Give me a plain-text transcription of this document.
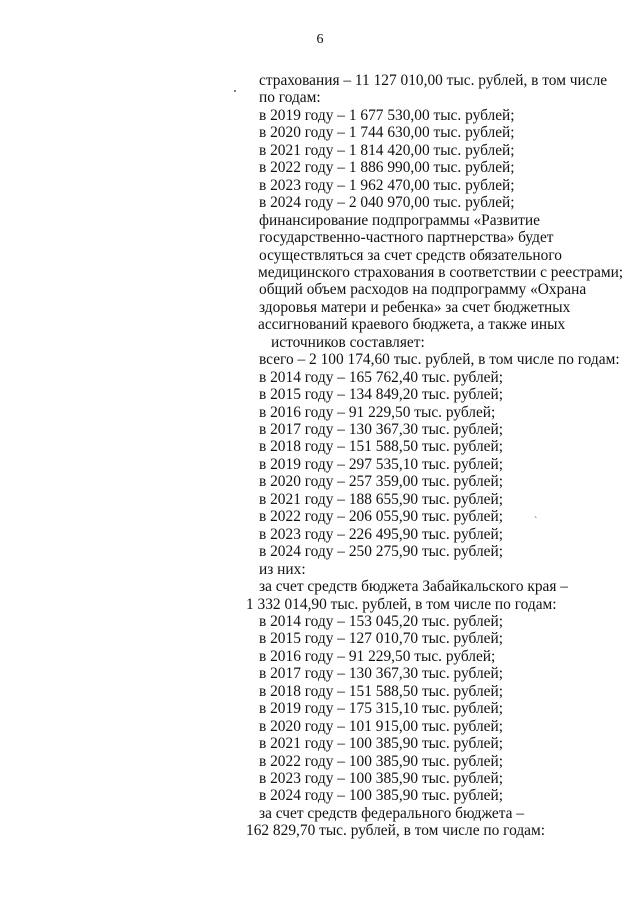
6
`
страхования – 11 127 010,00 тыс. рублей, в том числе
по годам:
в 2019 году – 1 677 530,00 тыс. рублей;
в 2020 году – 1 744 630,00 тыс. рублей;
в 2021 году – 1 814 420,00 тыс. рублей;
в 2022 году – 1 886 990,00 тыс. рублей;
в 2023 году – 1 962 470,00 тыс. рублей;
в 2024 году – 2 040 970,00 тыс. рублей;
финансирование подпрограммы «Развитие
государственно-частного партнерства» будет
осуществляться за счет средств обязательного
медицинского страхования в соответствии с реестрами;
общий объем расходов на подпрограмму «Охрана
здоровья матери и ребенка» за счет бюджетных
ассигнований краевого бюджета, а также иных
источников составляет:
всего – 2 100 174,60 тыс. рублей, в том числе по годам:
в 2014 году – 165 762,40 тыс. рублей;
в 2015 году – 134 849,20 тыс. рублей;
в 2016 году – 91 229,50 тыс. рублей;
в 2017 году – 130 367,30 тыс. рублей;
в 2018 году – 151 588,50 тыс. рублей;
в 2019 году – 297 535,10 тыс. рублей;
в 2020 году – 257 359,00 тыс. рублей;
в 2021 году – 188 655,90 тыс. рублей;
в 2022 году – 206 055,90 тыс. рублей;
в 2023 году – 226 495,90 тыс. рублей;
в 2024 году – 250 275,90 тыс. рублей;
из них:
за счет средств бюджета Забайкальского края –
1 332 014,90 тыс. рублей, в том числе по годам:
в 2014 году – 153 045,20 тыс. рублей;
в 2015 году – 127 010,70 тыс. рублей;
в 2016 году – 91 229,50 тыс. рублей;
в 2017 году – 130 367,30 тыс. рублей;
в 2018 году – 151 588,50 тыс. рублей;
в 2019 году – 175 315,10 тыс. рублей;
в 2020 году – 101 915,00 тыс. рублей;
в 2021 году – 100 385,90 тыс. рублей;
в 2022 году – 100 385,90 тыс. рублей;
в 2023 году – 100 385,90 тыс. рублей;
в 2024 году – 100 385,90 тыс. рублей;
за счет средств федерального бюджета –
162 829,70 тыс. рублей, в том числе по годам:
